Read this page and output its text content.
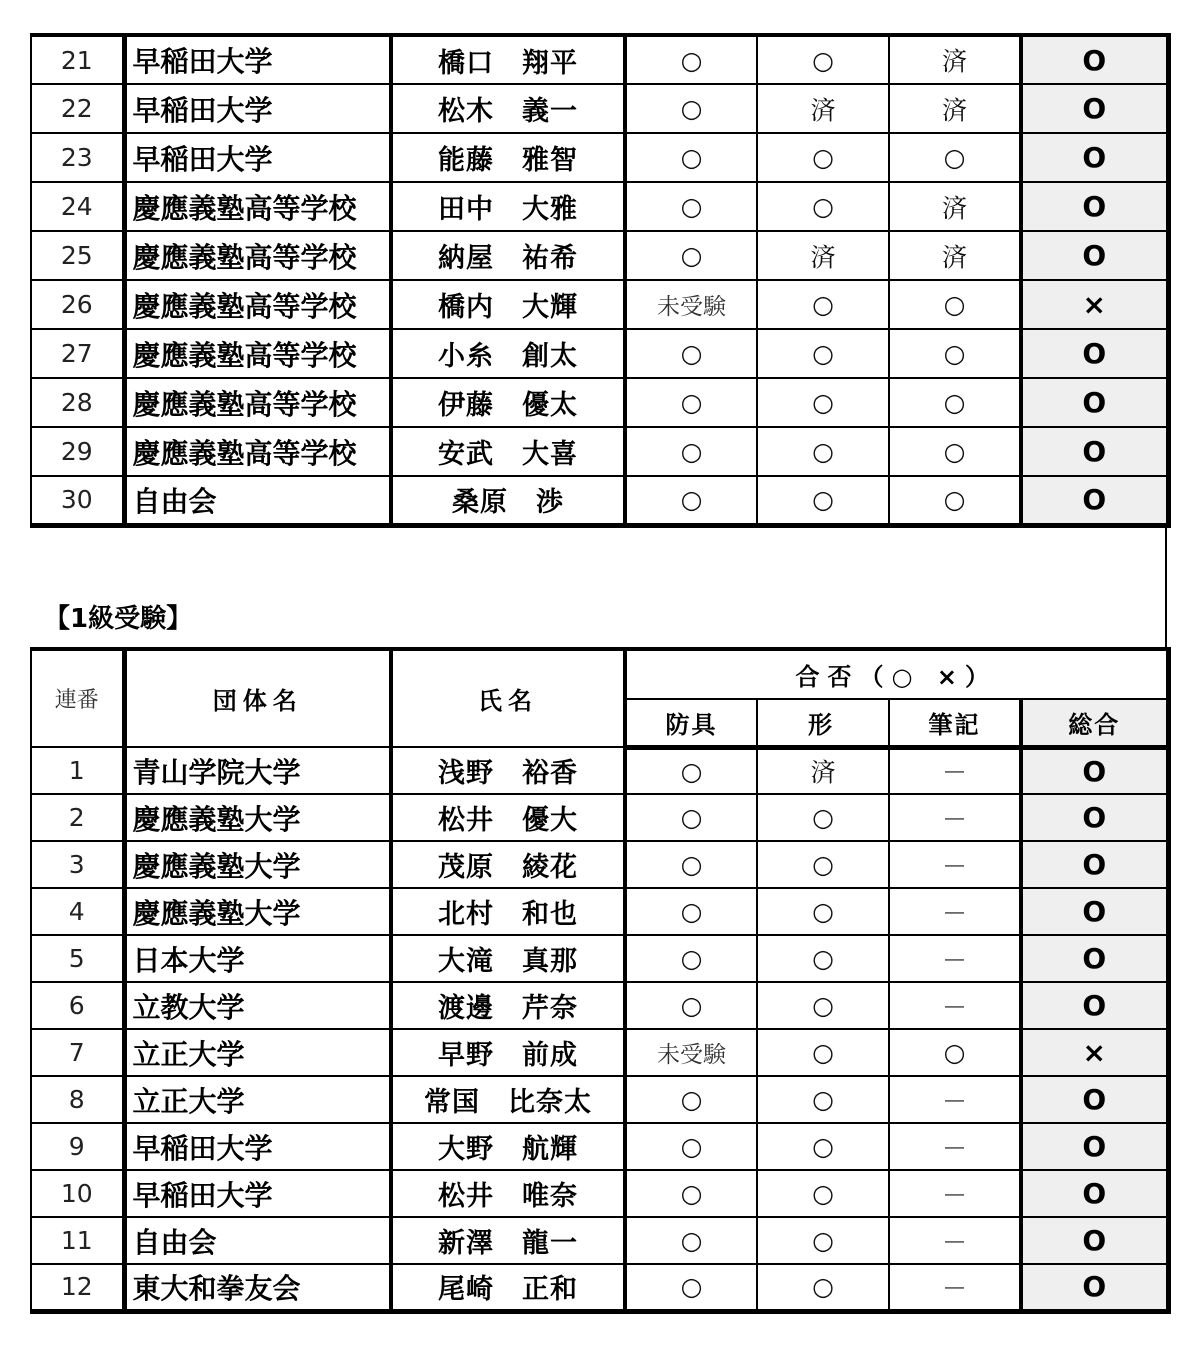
21	早稲田大学	橋口　翔平	○	○	済	O
22	早稲田大学	松木　義一	○	済	済	O
23	早稲田大学	能藤　雅智	○	○	○	O
24	慶應義塾高等学校	田中　大雅	○	○	済	O
25	慶應義塾高等学校	納屋　祐希	○	済	済	O
26	慶應義塾高等学校	橋内　大輝	未受験	○	○	×
27	慶應義塾高等学校	小糸　創太	○	○	○	O
28	慶應義塾高等学校	伊藤　優太	○	○	○	O
29	慶應義塾高等学校	安武　大喜	○	○	○	O
30	自由会	桑原　渉	○	○	○	O
【1級受験】
連番	団体名	氏名	合否（○ ×）			
			防具	形	筆記	総合
1	青山学院大学	浅野　裕香	○	済	－	O
2	慶應義塾大学	松井　優大	○	○	－	O
3	慶應義塾大学	茂原　綾花	○	○	－	O
4	慶應義塾大学	北村　和也	○	○	－	O
5	日本大学	大滝　真那	○	○	－	O
6	立教大学	渡邊　芹奈	○	○	－	O
7	立正大学	早野　前成	未受験	○	○	×
8	立正大学	常国　比奈太	○	○	－	O
9	早稲田大学	大野　航輝	○	○	－	O
10	早稲田大学	松井　唯奈	○	○	－	O
11	自由会	新澤　龍一	○	○	－	O
12	東大和拳友会	尾崎　正和	○	○	－	O
